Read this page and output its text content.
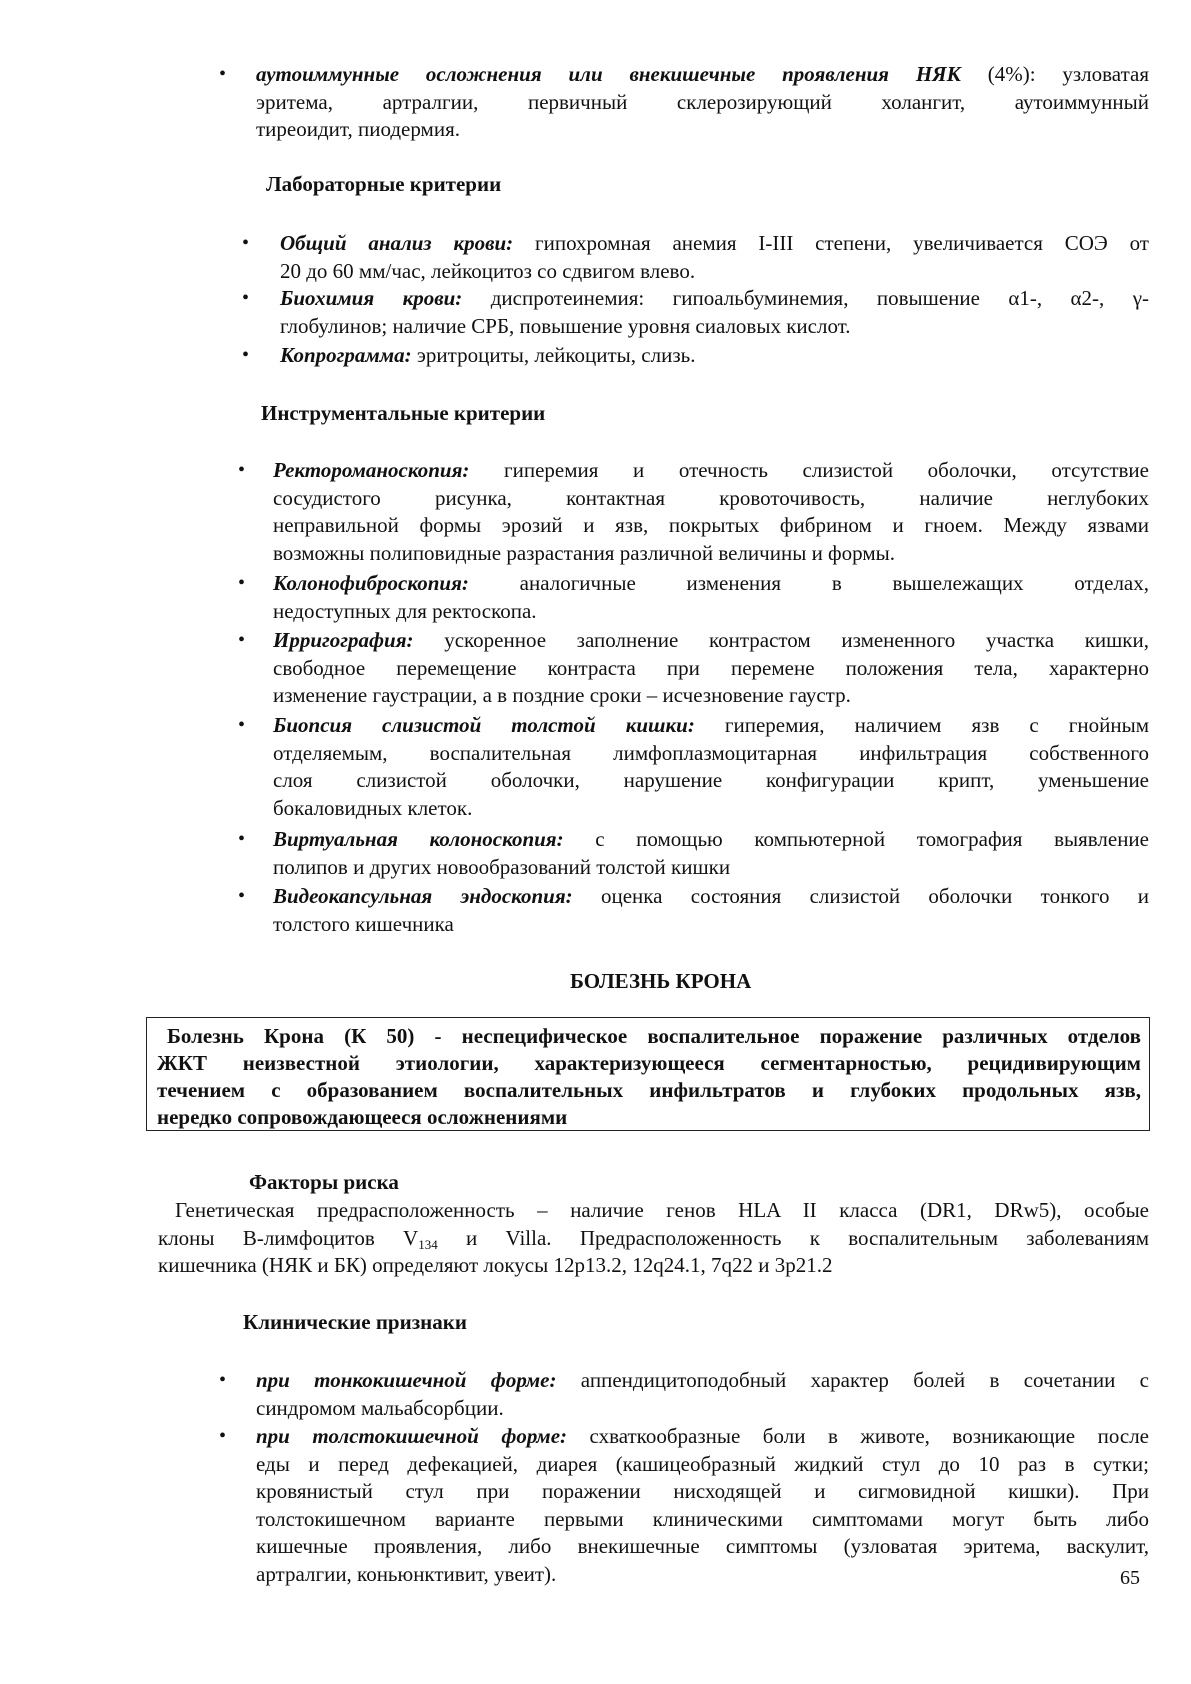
• аутоиммунные осложнения или внекишечные проявления НЯК (4%): узловатая

эритема, артралгии, первичный склерозирующий холангит, аутоиммунный

тиреоидит, пиодермия.

Лабораторные критерии
• Общий анализ крови: гипохромная анемия I-III степени, увеличивается СОЭ от

20 до 60 мм/час, лейкоцитоз со сдвигом влево.

• Биохимия крови: диспротеинемия: гипоальбуминемия, повышение α1-, α2-, γ-

глобулинов; наличие СРБ, повышение уровня сиаловых кислот.

• Копрограмма: эритроциты, лейкоциты, слизь.

Инструментальные критерии
• Ректороманоскопия: гиперемия и отечность слизистой оболочки, отсутствие

сосудистого рисунка, контактная кровоточивость, наличие неглубоких

неправильной формы эрозий и язв, покрытых фибрином и гноем. Между язвами

возможны полиповидные разрастания различной величины и формы.

• Колонофиброскопия: аналогичные изменения в вышележащих отделах,

недоступных для ректоскопа.

• Ирригография: ускоренное заполнение контрастом измененного участка кишки,

свободное перемещение контраста при перемене положения тела, характерно

изменение гаустрации, а в поздние сроки – исчезновение гаустр.

• Биопсия слизистой толстой кишки: гиперемия, наличием язв с гнойным

отделяемым, воспалительная лимфоплазмоцитарная инфильтрация собственного

слоя слизистой оболочки, нарушение конфигурации крипт, уменьшение

бокаловидных клеток.

• Виртуальная колоноскопия: с помощью компьютерной томография выявление

полипов и других новообразований толстой кишки

• Видеокапсульная эндоскопия: оценка состояния слизистой оболочки тонкого и

толстого кишечника

БОЛЕЗНЬ КРОНА

Болезнь Крона (К 50) - неспецифическое воспалительное поражение различных отделов

ЖКТ неизвестной этиологии, характеризующееся сегментарностью, рецидивирующим

течением с образованием воспалительных инфильтратов и глубоких продольных язв,

нередко сопровождающееся осложнениями

Факторы риска

Генетическая предрасположенность – наличие генов HLA II класса (DR1, DRw5), особые

клоны В-лимфоцитов $V_{134}$ и Villa. Предрасположенность к воспалительным заболеваниям

кишечника (НЯК и БК) определяют локусы 12p13.2, 12q24.1, 7q22 и 3p21.2

Клинические признаки
• при тонкокишечной форме: аппендицитоподобный характер болей в сочетании с

синдромом мальабсорбции.

• при толстокишечной форме: схваткообразные боли в животе, возникающие после

еды и перед дефекацией, диарея (кашицеобразный жидкий стул до 10 раз в сутки;

кровянистый стул при поражении нисходящей и сигмовидной кишки). При

толстокишечном варианте первыми клиническими симптомами могут быть либо

кишечные проявления, либо внекишечные симптомы (узловатая эритема, васкулит,

артралгии, коньюнктивит, увеит).	65
